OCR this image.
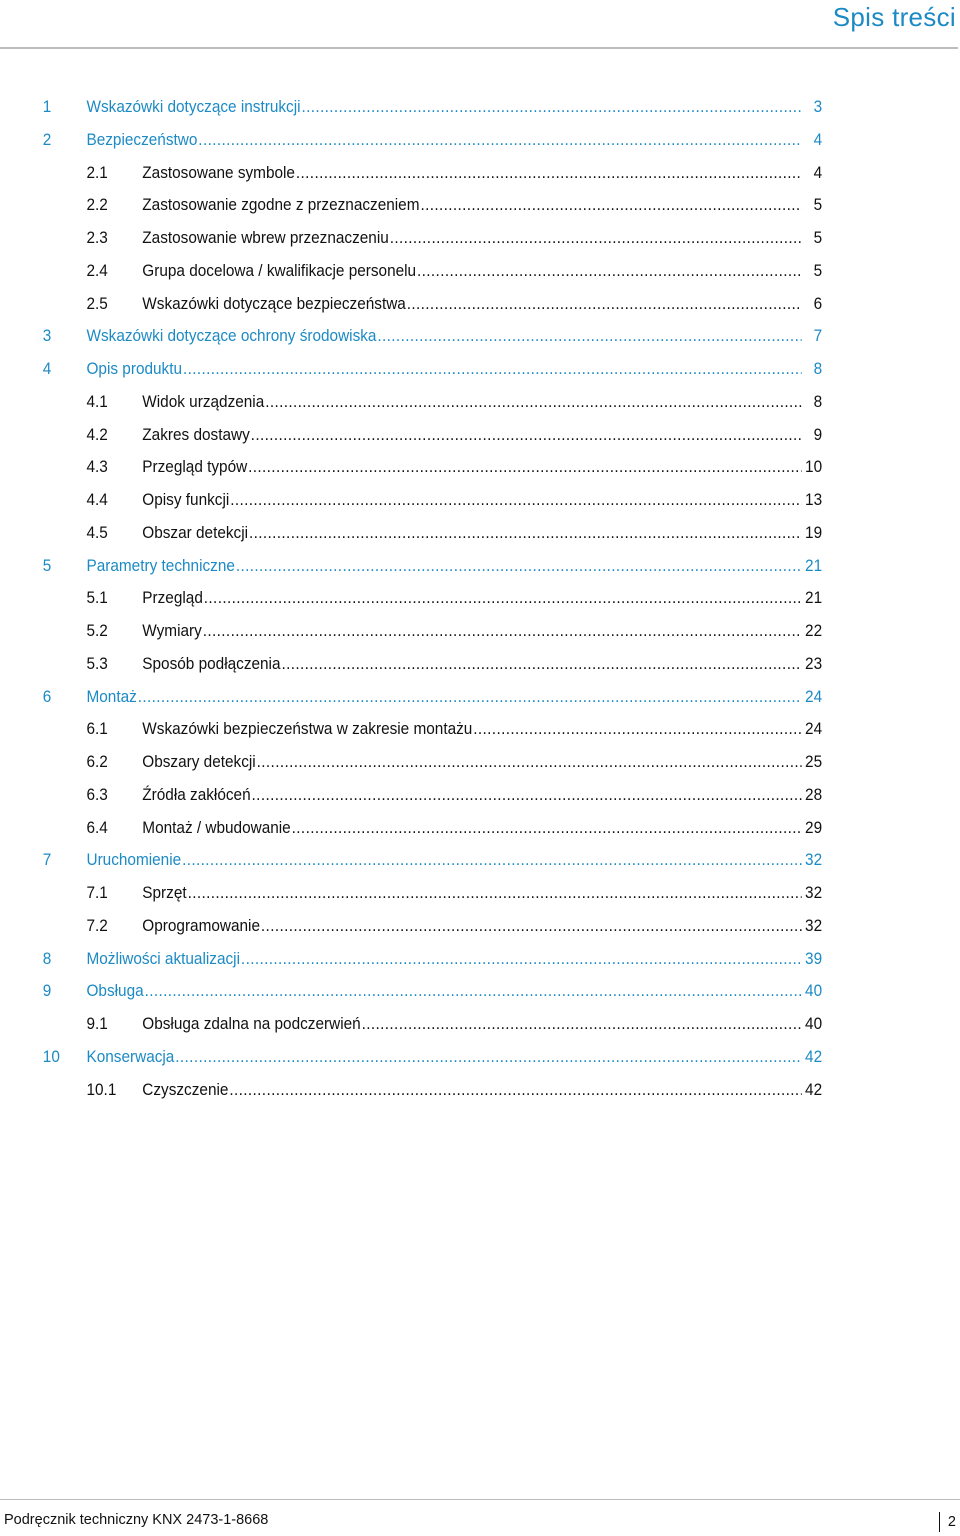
Spis treści
1 Wskazówki dotyczące instrukcji .....	3
2 Bezpieczeństwo .....	4
2.1 Zastosowane symbole .....	4
2.2 Zastosowanie zgodne z przeznaczeniem .....	5
2.3 Zastosowanie wbrew przeznaczeniu .....	5
2.4 Grupa docelowa / kwalifikacje personelu .....	5
2.5 Wskazówki dotyczące bezpieczeństwa .....	6
3 Wskazówki dotyczące ochrony środowiska .....	7
4 Opis produktu .....	8
4.1 Widok urządzenia .....	8
4.2 Zakres dostawy .....	9
4.3 Przegląd typów .....	10
4.4 Opisy funkcji .....	13
4.5 Obszar detekcji .....	19
5 Parametry techniczne .....	21
5.1 Przegląd .....	21
5.2 Wymiary .....	22
5.3 Sposób podłączenia .....	23
6 Montaż .....	24
6.1 Wskazówki bezpieczeństwa w zakresie montażu .....	24
6.2 Obszary detekcji .....	25
6.3 Źródła zakłóceń .....	28
6.4 Montaż / wbudowanie .....	29
7 Uruchomienie .....	32
7.1 Sprzęt .....	32
7.2 Oprogramowanie .....	32
8 Możliwości aktualizacji .....	39
9 Obsługa .....	40
9.1 Obsługa zdalna na podczerwień .....	40
10 Konserwacja .....	42
10.1 Czyszczenie .....	42
Podręcznik techniczny KNX 2473-1-8668	2
